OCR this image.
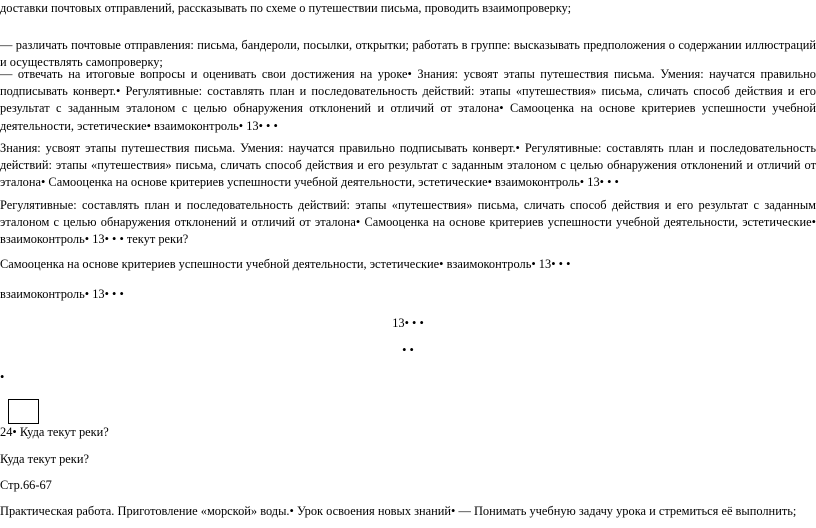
доставки почтовых отправлений, рассказывать по схеме о путешествии письма, проводить взаимопроверку;

— различать почтовые отправления: письма, бандероли, посылки, открытки; работать в группе: высказывать предположения о содержании иллюстраций и осуществлять самопроверку;

— отвечать на итоговые вопросы и оценивать свои достижения на уроке• Знания: усвоят этапы путешествия письма. Умения: научатся правильно подписывать конверт.• Регулятивные: составлять план и последовательность действий: этапы «путешествия» письма, сличать способ действия и его результат с заданным эталоном с целью обнаружения отклонений и отличий от эталона• Самооценка на основе критериев успешности учебной деятельности, эстетические• взаимоконтроль• 13• • •

Знания: усвоят этапы путешествия письма. Умения: научатся правильно подписывать конверт.• Регулятивные: составлять план и последовательность действий: этапы «путешествия» письма, сличать способ действия и его результат с заданным эталоном с целью обнаружения отклонений и отличий от эталона• Самооценка на основе критериев успешности учебной деятельности, эстетические• взаимоконтроль• 13• • •

Регулятивные: составлять план и последовательность действий: этапы «путешествия» письма, сличать способ действия и его результат с заданным эталоном с целью обнаружения отклонений и отличий от эталона• Самооценка на основе критериев успешности учебной деятельности, эстетические• взаимоконтроль• 13• • • текут реки?

Самооценка на основе критериев успешности учебной деятельности, эстетические• взаимоконтроль• 13• • •

взаимоконтроль• 13• • •

13• • •

• •

•

24• Куда текут реки?

Куда текут реки?

Стр.66-67

Практическая работа. Приготовление «морской» воды.• Урок освоения новых знаний• — Понимать учебную задачу урока и стремиться её выполнить;
